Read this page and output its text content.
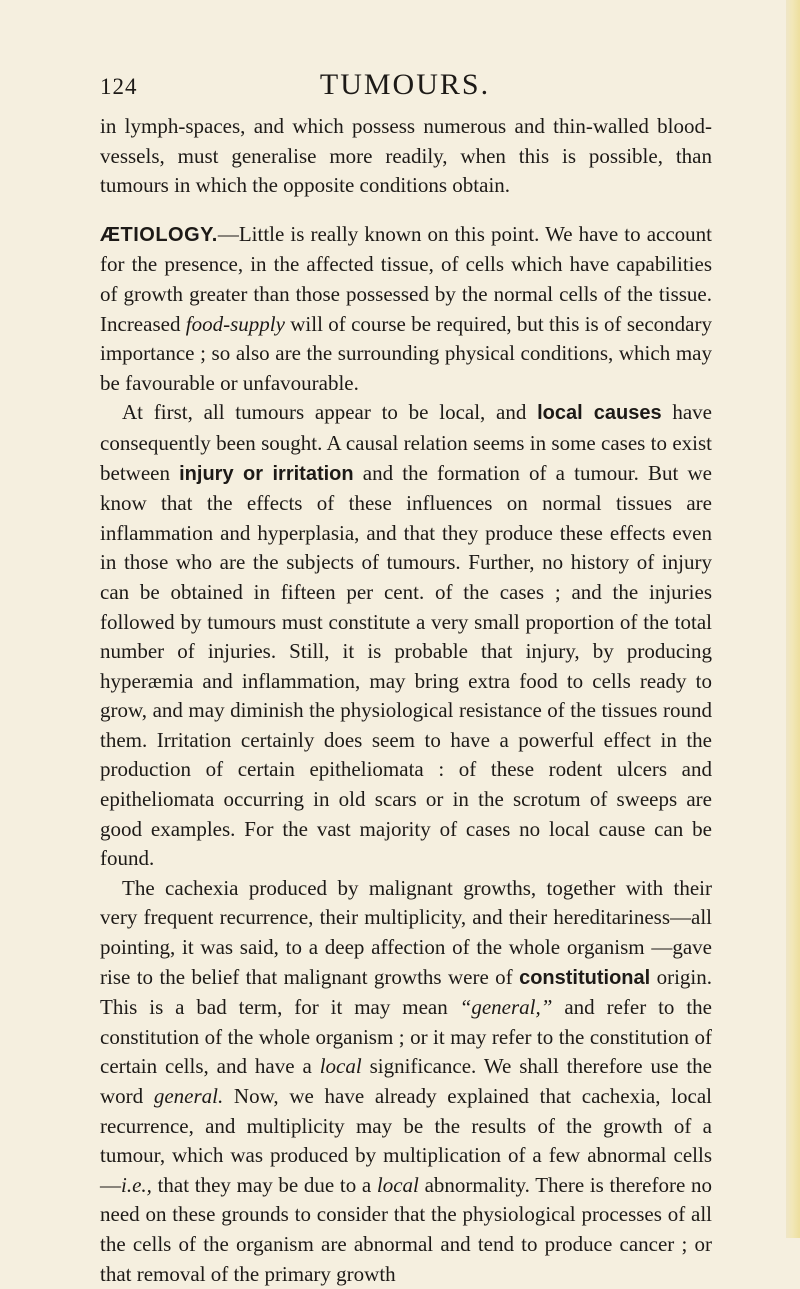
124	TUMOURS.

in lymph-spaces, and which possess numerous and thin-walled blood-vessels, must generalise more readily, when this is possible, than tumours in which the opposite conditions obtain.

ÆTIOLOGY.—Little is really known on this point. We have to account for the presence, in the affected tissue, of cells which have capabilities of growth greater than those possessed by the normal cells of the tissue. Increased food-supply will of course be required, but this is of secondary importance ; so also are the surrounding physical conditions, which may be favourable or unfavourable.

At first, all tumours appear to be local, and local causes have consequently been sought. A causal relation seems in some cases to exist between injury or irritation and the formation of a tumour. But we know that the effects of these influences on normal tissues are inflammation and hyperplasia, and that they produce these effects even in those who are the subjects of tumours. Further, no history of injury can be obtained in fifteen per cent. of the cases ; and the injuries followed by tumours must constitute a very small proportion of the total number of injuries. Still, it is probable that injury, by producing hyperæmia and inflammation, may bring extra food to cells ready to grow, and may diminish the physiological resistance of the tissues round them. Irritation certainly does seem to have a powerful effect in the production of certain epitheliomata : of these rodent ulcers and epitheliomata occurring in old scars or in the scrotum of sweeps are good examples. For the vast majority of cases no local cause can be found.

The cachexia produced by malignant growths, together with their very frequent recurrence, their multiplicity, and their hereditariness—all pointing, it was said, to a deep affection of the whole organism —gave rise to the belief that malignant growths were of constitutional origin. This is a bad term, for it may mean “general,” and refer to the constitution of the whole organism ; or it may refer to the constitution of certain cells, and have a local significance. We shall therefore use the word general. Now, we have already explained that cachexia, local recurrence, and multiplicity may be the results of the growth of a tumour, which was produced by multiplication of a few abnormal cells—i.e., that they may be due to a local abnormality. There is therefore no need on these grounds to consider that the physiological processes of all the cells of the organism are abnormal and tend to produce cancer ; or that removal of the primary growth
